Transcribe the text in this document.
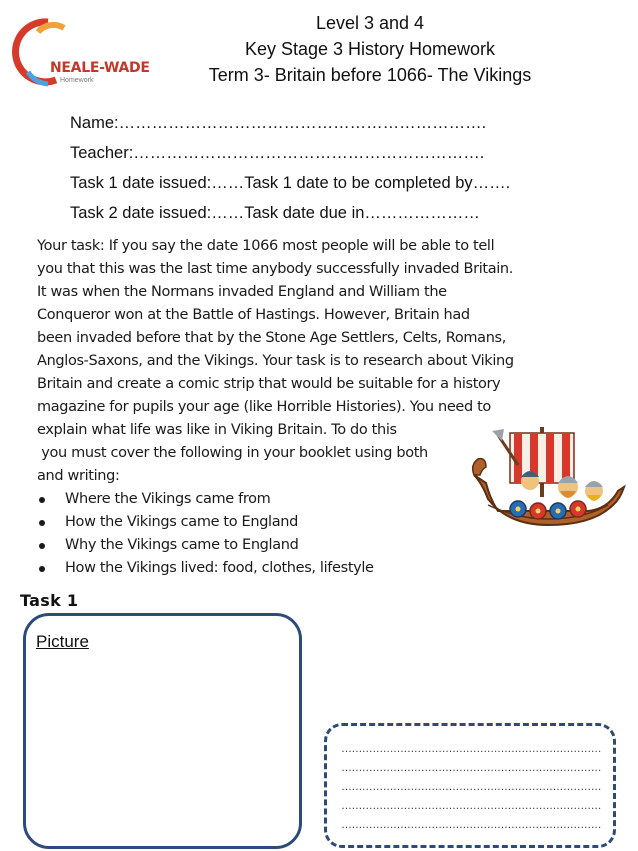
NEALE-WADE
Homework
Level 3 and 4
Key Stage 3 History Homework
Term 3- Britain before 1066- The Vikings
Name:………………………………………………………….
Teacher:……………………………………………………….
Task 1 date issued:……Task 1 date to be completed by…….
Task 2 date issued:……Task date due in…………………
Your task: If you say the date 1066 most people will be able to tell
you that this was the last time anybody successfully invaded Britain.
It was when the Normans invaded England and William the
Conqueror won at the Battle of Hastings. However, Britain had
been invaded before that by the Stone Age Settlers, Celts, Romans,
Anglos-Saxons, and the Vikings. Your task is to research about Viking
Britain and create a comic strip that would be suitable for a history
magazine for pupils your age (like Horrible Histories). You need to
explain what life was like in Viking Britain. To do this
you must cover the following in your booklet using both
and writing:
Where the Vikings came from
How the Vikings came to England
Why the Vikings came to England
How the Vikings lived: food, clothes, lifestyle
Task 1
Picture
…………………………………………………………………
…………………………………………………………………
…………………………………………………………………
…………………………………………………………………
…………………………………………………………………
